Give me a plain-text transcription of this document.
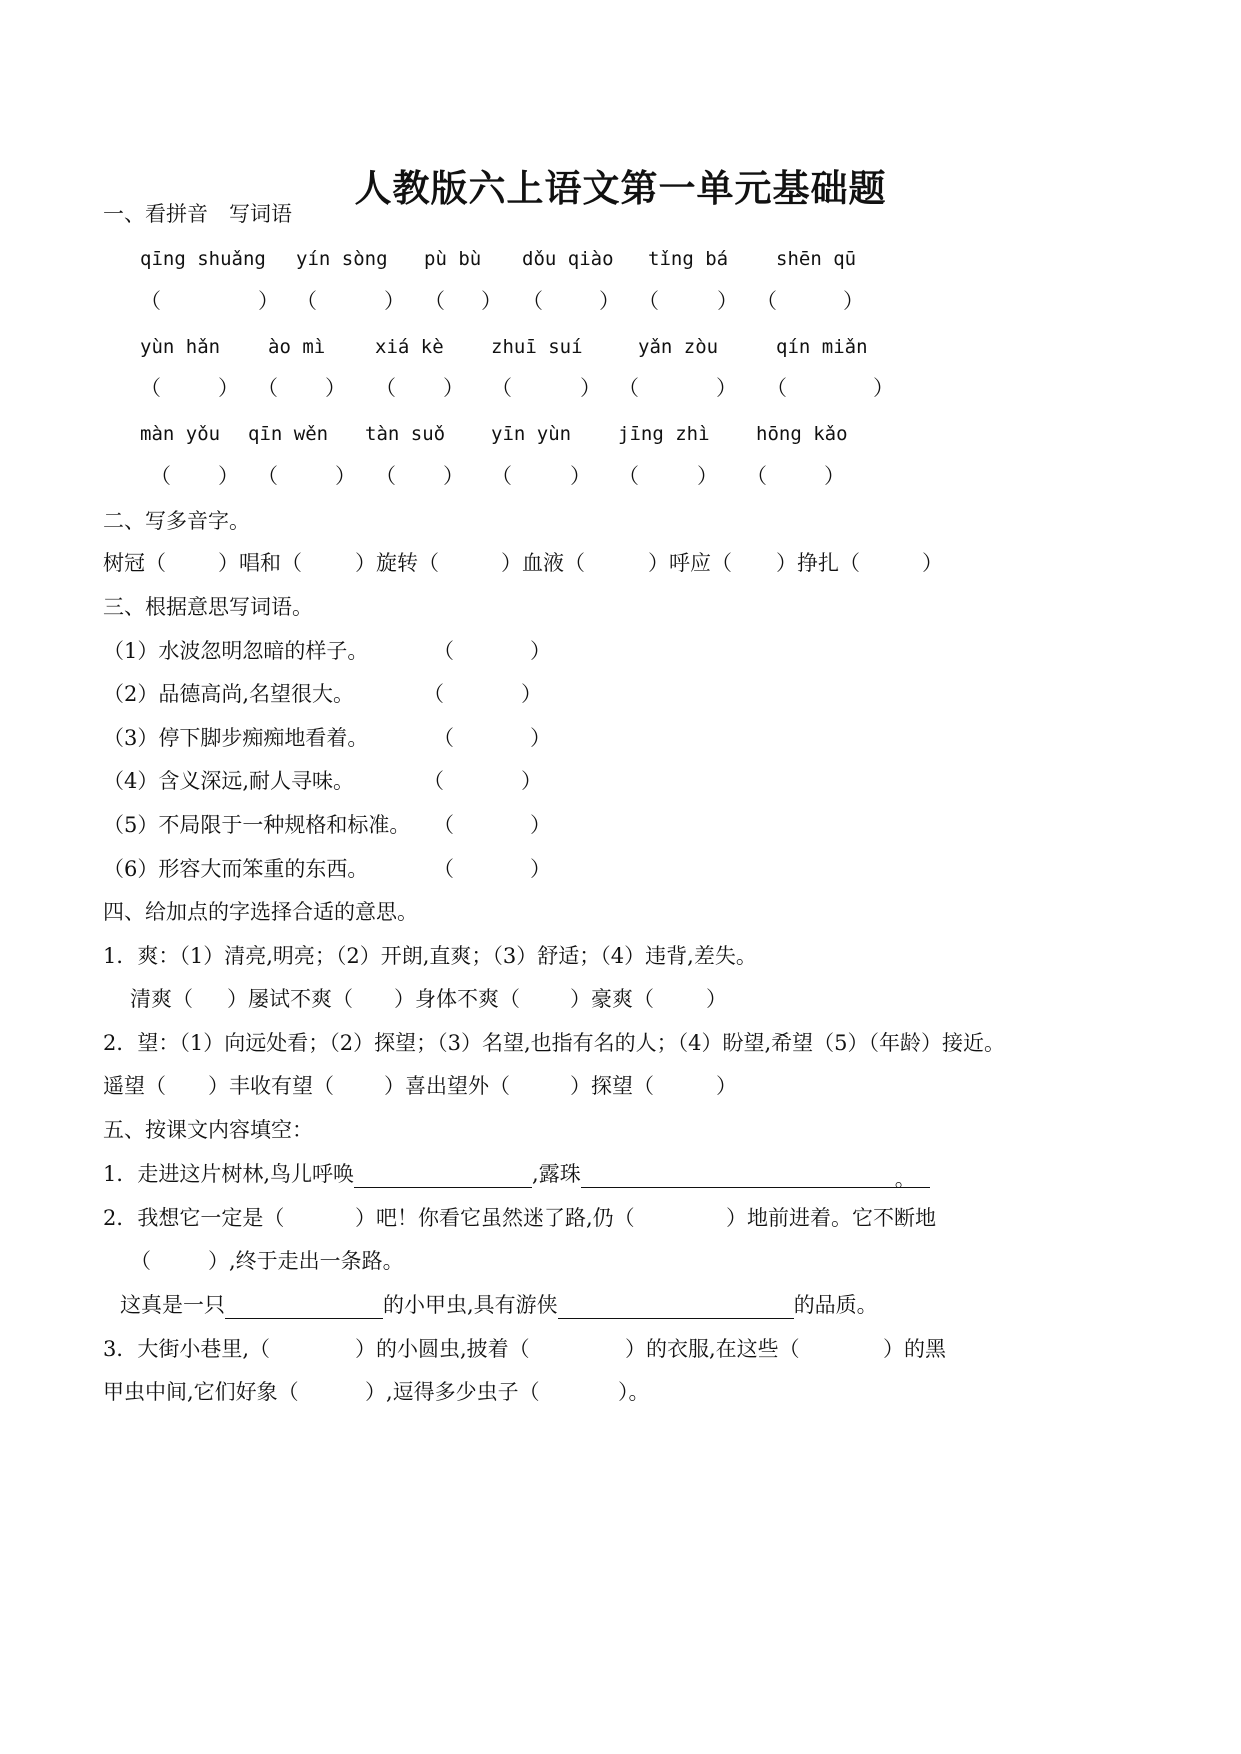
人教版六上语文第一单元基础题
一、看拼音　写词语
qīng shuǎng yín sòng pù bù dǒu qiào tǐng bá	shēn qū
（	） （	） （ ） （	） （	） （	）
yùn hǎn	ào mì	xiá kè zhuī suí	yǎn zòu	qín miǎn
（	） （ ） （ ） （	） （	） （	）
màn yǒu qīn wěn tàn suǒ yīn yùn jīng zhì hōng kǎo
（ ） （	） （ ） （	） （	） （	）
二、写多音字。
树冠（ ）唱和（	）旋转（	）血液（	）呼应（ ）挣扎（	）
三、根据意思写词语。
（1）水波忽明忽暗的样子。	（	）
（2）品德高尚,名望很大。	（	）
（3）停下脚步痴痴地看着。	（	）
（4）含义深远,耐人寻味。	（	）
（5）不局限于一种规格和标准。 （	）
（6）形容大而笨重的东西。	（	）
四、给加点的字选择合适的意思。
1．爽：（1）清亮,明亮；（2）开朗,直爽；（3）舒适；（4）违背,差失。
清爽（ ）屡试不爽（ ）身体不爽（ ）豪爽（ ）
2．望：（1）向远处看；（2）探望；（3）名望,也指有名的人；（4）盼望,希望（5）（年龄）接近。
遥望（ ）丰收有望（ ）喜出望外（	）探望（	）
五、按课文内容填空：
1．走进这片树林,鸟儿呼唤	,露珠	。
2．我想它一定是（	）吧！你看它虽然迷了路,仍（	）地前进着。它不断地
（	）,终于走出一条路。
这真是一只	的小甲虫,具有游侠	的品质。
3．大街小巷里,（	）的小圆虫,披着（	）的衣服,在这些（	）的黑
甲虫中间,它们好象（	）,逗得多少虫子（	）。
